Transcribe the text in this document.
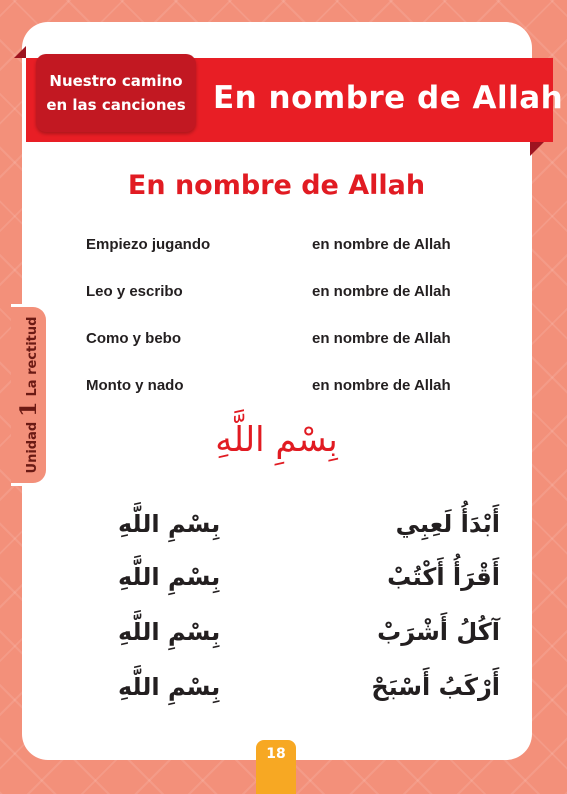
Nuestro camino
en las canciones En nombre de Allah
Unidad
1
La rectitud
En nombre de Allah
Empiezo jugando	en nombre de Allah
Leo y escribo	en nombre de Allah
Como y bebo	en nombre de Allah
Monto y nado	en nombre de Allah
بِسْمِ اللَّهِ
بِسْمِ اللَّهِ	أَبْدَأُ لَعِبِي
بِسْمِ اللَّهِ	أَقْرَأُ أَكْتُبْ
بِسْمِ اللَّهِ	آكُلُ أَشْرَبْ
بِسْمِ اللَّهِ	أَرْكَبُ أَسْبَحْ
18
